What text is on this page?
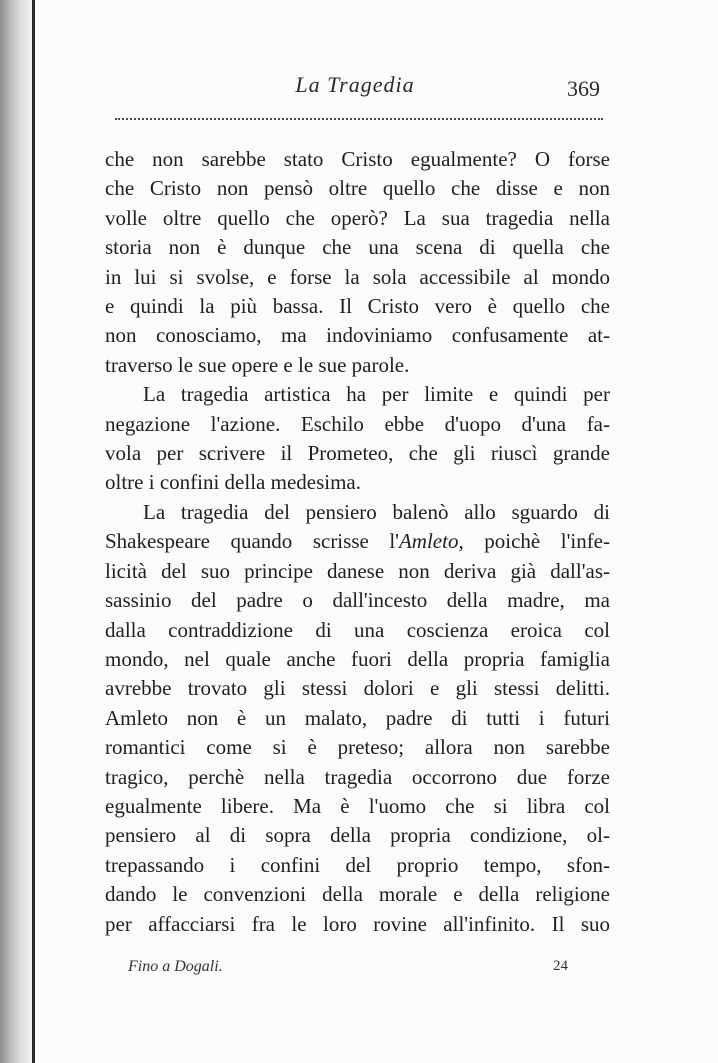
La Tragedia	369
che non sarebbe stato Cristo egualmente? O forse
che Cristo non pensò oltre quello che disse e non
volle oltre quello che operò? La sua tragedia nella
storia non è dunque che una scena di quella che
in lui si svolse, e forse la sola accessibile al mondo
e quindi la più bassa. Il Cristo vero è quello che
non conosciamo, ma indoviniamo confusamente at-
traverso le sue opere e le sue parole.
La tragedia artistica ha per limite e quindi per
negazione l'azione. Eschilo ebbe d'uopo d'una fa-
vola per scrivere il Prometeo, che gli riuscì grande
oltre i confini della medesima.
La tragedia del pensiero balenò allo sguardo di
Shakespeare quando scrisse l'Amleto, poichè l'infe-
licità del suo principe danese non deriva già dall'as-
sassinio del padre o dall'incesto della madre, ma
dalla contraddizione di una coscienza eroica col
mondo, nel quale anche fuori della propria famiglia
avrebbe trovato gli stessi dolori e gli stessi delitti.
Amleto non è un malato, padre di tutti i futuri
romantici come si è preteso; allora non sarebbe
tragico, perchè nella tragedia occorrono due forze
egualmente libere. Ma è l'uomo che si libra col
pensiero al di sopra della propria condizione, ol-
trepassando i confini del proprio tempo, sfon-
dando le convenzioni della morale e della religione
per affacciarsi fra le loro rovine all'infinito. Il suo
Fino a Dogali.	24
